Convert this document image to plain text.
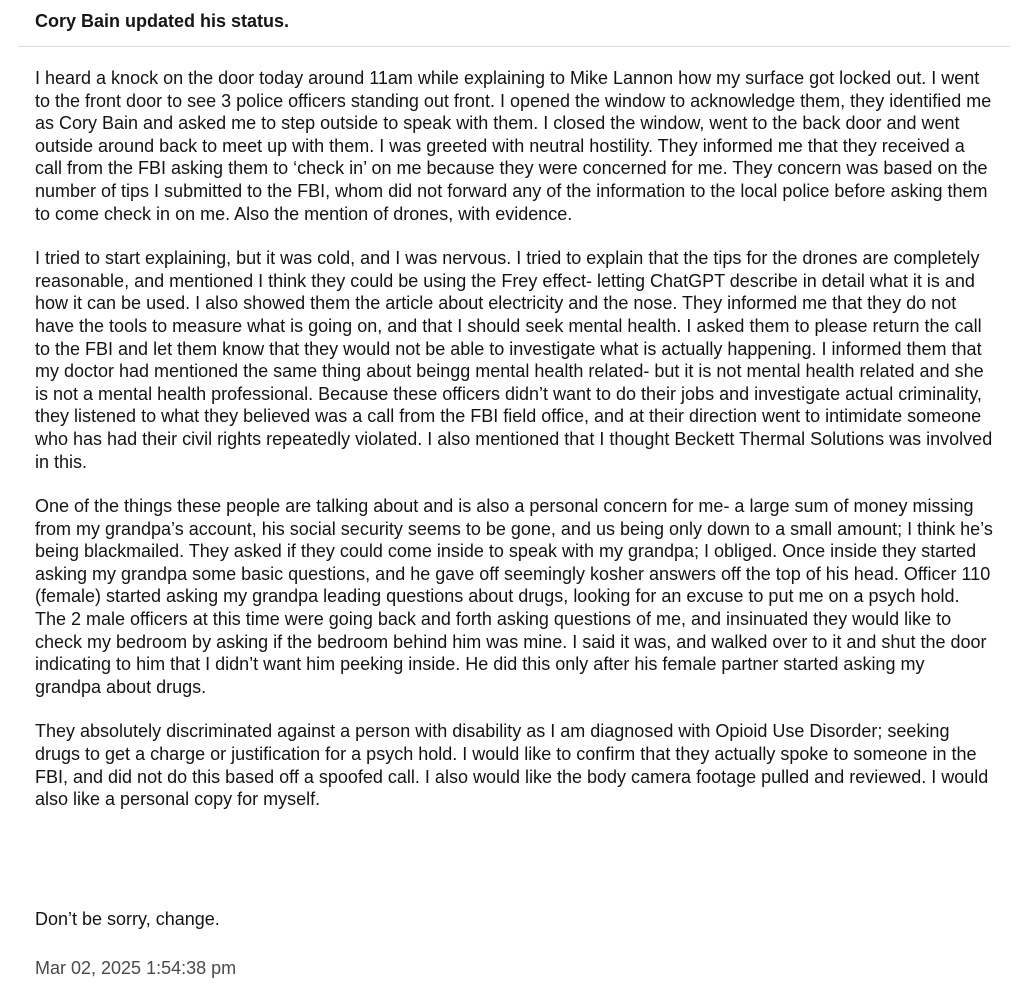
Cory Bain updated his status.

I heard a knock on the door today around 11am while explaining to Mike Lannon how my surface got locked out. I went to the front door to see 3 police officers standing out front. I opened the window to acknowledge them, they identified me as Cory Bain and asked me to step outside to speak with them. I closed the window, went to the back door and went outside around back to meet up with them. I was greeted with neutral hostility. They informed me that they received a call from the FBI asking them to ‘check in’ on me because they were concerned for me. They concern was based on the number of tips I submitted to the FBI, whom did not forward any of the information to the local police before asking them to come check in on me. Also the mention of drones, with evidence.

I tried to start explaining, but it was cold, and I was nervous. I tried to explain that the tips for the drones are completely reasonable, and mentioned I think they could be using the Frey effect- letting ChatGPT describe in detail what it is and how it can be used. I also showed them the article about electricity and the nose. They informed me that they do not have the tools to measure what is going on, and that I should seek mental health. I asked them to please return the call to the FBI and let them know that they would not be able to investigate what is actually happening. I informed them that my doctor had mentioned the same thing about beingg mental health related- but it is not mental health related and she is not a mental health professional. Because these officers didn’t want to do their jobs and investigate actual criminality, they listened to what they believed was a call from the FBI field office, and at their direction went to intimidate someone who has had their civil rights repeatedly violated. I also mentioned that I thought Beckett Thermal Solutions was involved in this.

One of the things these people are talking about and is also a personal concern for me- a large sum of money missing from my grandpa’s account, his social security seems to be gone, and us being only down to a small amount; I think he’s being blackmailed. They asked if they could come inside to speak with my grandpa; I obliged. Once inside they started asking my grandpa some basic questions, and he gave off seemingly kosher answers off the top of his head. Officer 110 (female) started asking my grandpa leading questions about drugs, looking for an excuse to put me on a psych hold. The 2 male officers at this time were going back and forth asking questions of me, and insinuated they would like to check my bedroom by asking if the bedroom behind him was mine. I said it was, and walked over to it and shut the door indicating to him that I didn’t want him peeking inside. He did this only after his female partner started asking my grandpa about drugs.

They absolutely discriminated against a person with disability as I am diagnosed with Opioid Use Disorder; seeking drugs to get a charge or justification for a psych hold. I would like to confirm that they actually spoke to someone in the FBI, and did not do this based off a spoofed call. I also would like the body camera footage pulled and reviewed. I would also like a personal copy for myself.

Don’t be sorry, change.
Mar 02, 2025 1:54:38 pm
